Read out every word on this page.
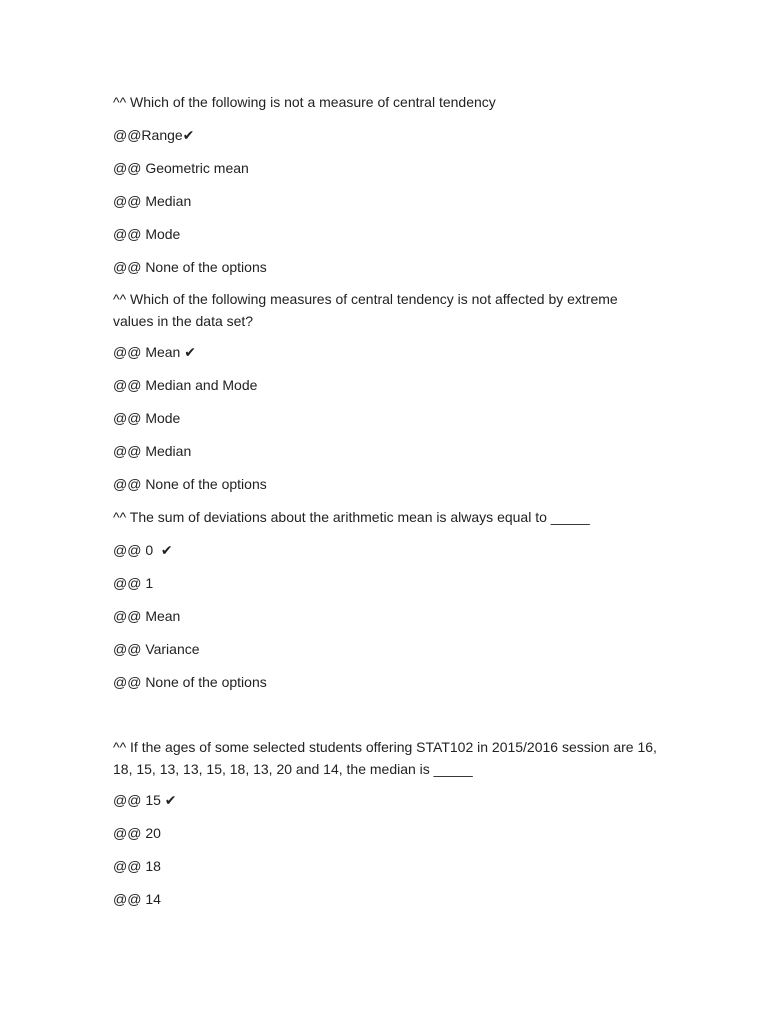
^^ Which of the following is not a measure of central tendency
@@Range✔
@@ Geometric mean
@@ Median
@@ Mode
@@ None of the options
^^ Which of the following measures of central tendency is not affected by extreme values in the data set?
@@ Mean ✔
@@ Median and Mode
@@ Mode
@@ Median
@@ None of the options
^^ The sum of deviations about the arithmetic mean is always equal to _____
@@ 0  ✔
@@ 1
@@ Mean
@@ Variance
@@ None of the options
^^ If the ages of some selected students offering STAT102 in 2015/2016 session are 16, 18, 15, 13, 13, 15, 18, 13, 20 and 14, the median is _____
@@ 15 ✔
@@ 20
@@ 18
@@ 14
